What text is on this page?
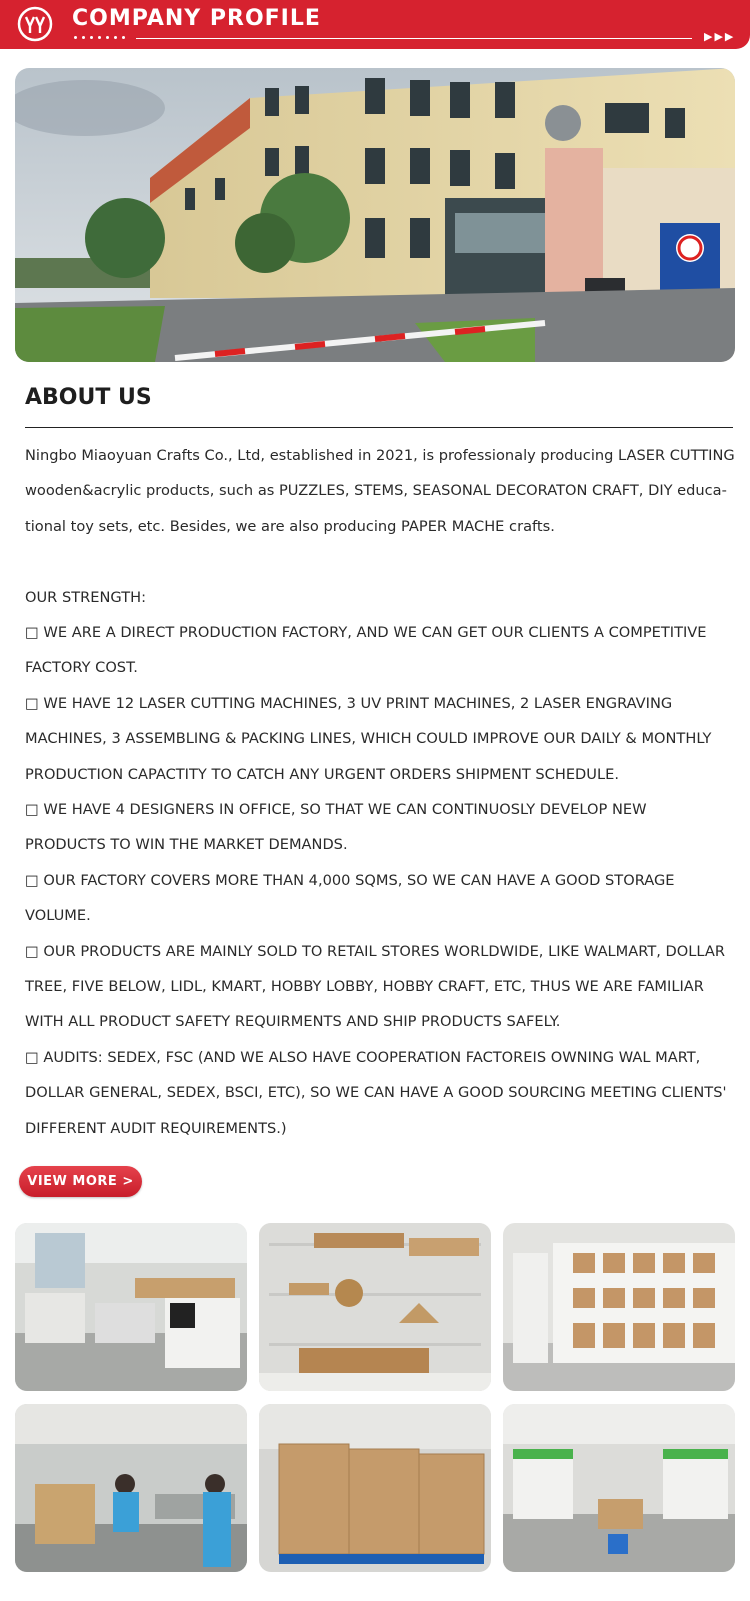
COMPANY PROFILE
▶▶▶
ABOUT US

Ningbo Miaoyuan Crafts Co., Ltd, established in 2021, is professionaly producing LASER CUTTING

wooden&acrylic products, such as PUZZLES, STEMS, SEASONAL DECORATON CRAFT, DIY educa-

tional toy sets, etc. Besides, we are also producing PAPER MACHE crafts.

OUR STRENGTH:

□ WE ARE A DIRECT PRODUCTION FACTORY, AND WE CAN GET OUR CLIENTS A COMPETITIVE
FACTORY COST.
□ WE HAVE 12 LASER CUTTING MACHINES, 3 UV PRINT MACHINES, 2 LASER ENGRAVING
MACHINES, 3 ASSEMBLING & PACKING LINES, WHICH COULD IMPROVE OUR DAILY & MONTHLY
PRODUCTION CAPACTITY TO CATCH ANY URGENT ORDERS SHIPMENT SCHEDULE.
□ WE HAVE 4 DESIGNERS IN OFFICE, SO THAT WE CAN CONTINUOSLY DEVELOP NEW
PRODUCTS TO WIN THE MARKET DEMANDS.
□ OUR FACTORY COVERS MORE THAN 4,000 SQMS, SO WE CAN HAVE A GOOD STORAGE
VOLUME.
□ OUR PRODUCTS ARE MAINLY SOLD TO RETAIL STORES WORLDWIDE, LIKE WALMART, DOLLAR
TREE, FIVE BELOW, LIDL, KMART, HOBBY LOBBY, HOBBY CRAFT, ETC, THUS WE ARE FAMILIAR
WITH ALL PRODUCT SAFETY REQUIRMENTS AND SHIP PRODUCTS SAFELY.
□ AUDITS: SEDEX, FSC (AND WE ALSO HAVE COOPERATION FACTOREIS OWNING WAL MART,
DOLLAR GENERAL, SEDEX, BSCI, ETC), SO WE CAN HAVE A GOOD SOURCING MEETING CLIENTS'
DIFFERENT AUDIT REQUIREMENTS.)
VIEW MORE >
